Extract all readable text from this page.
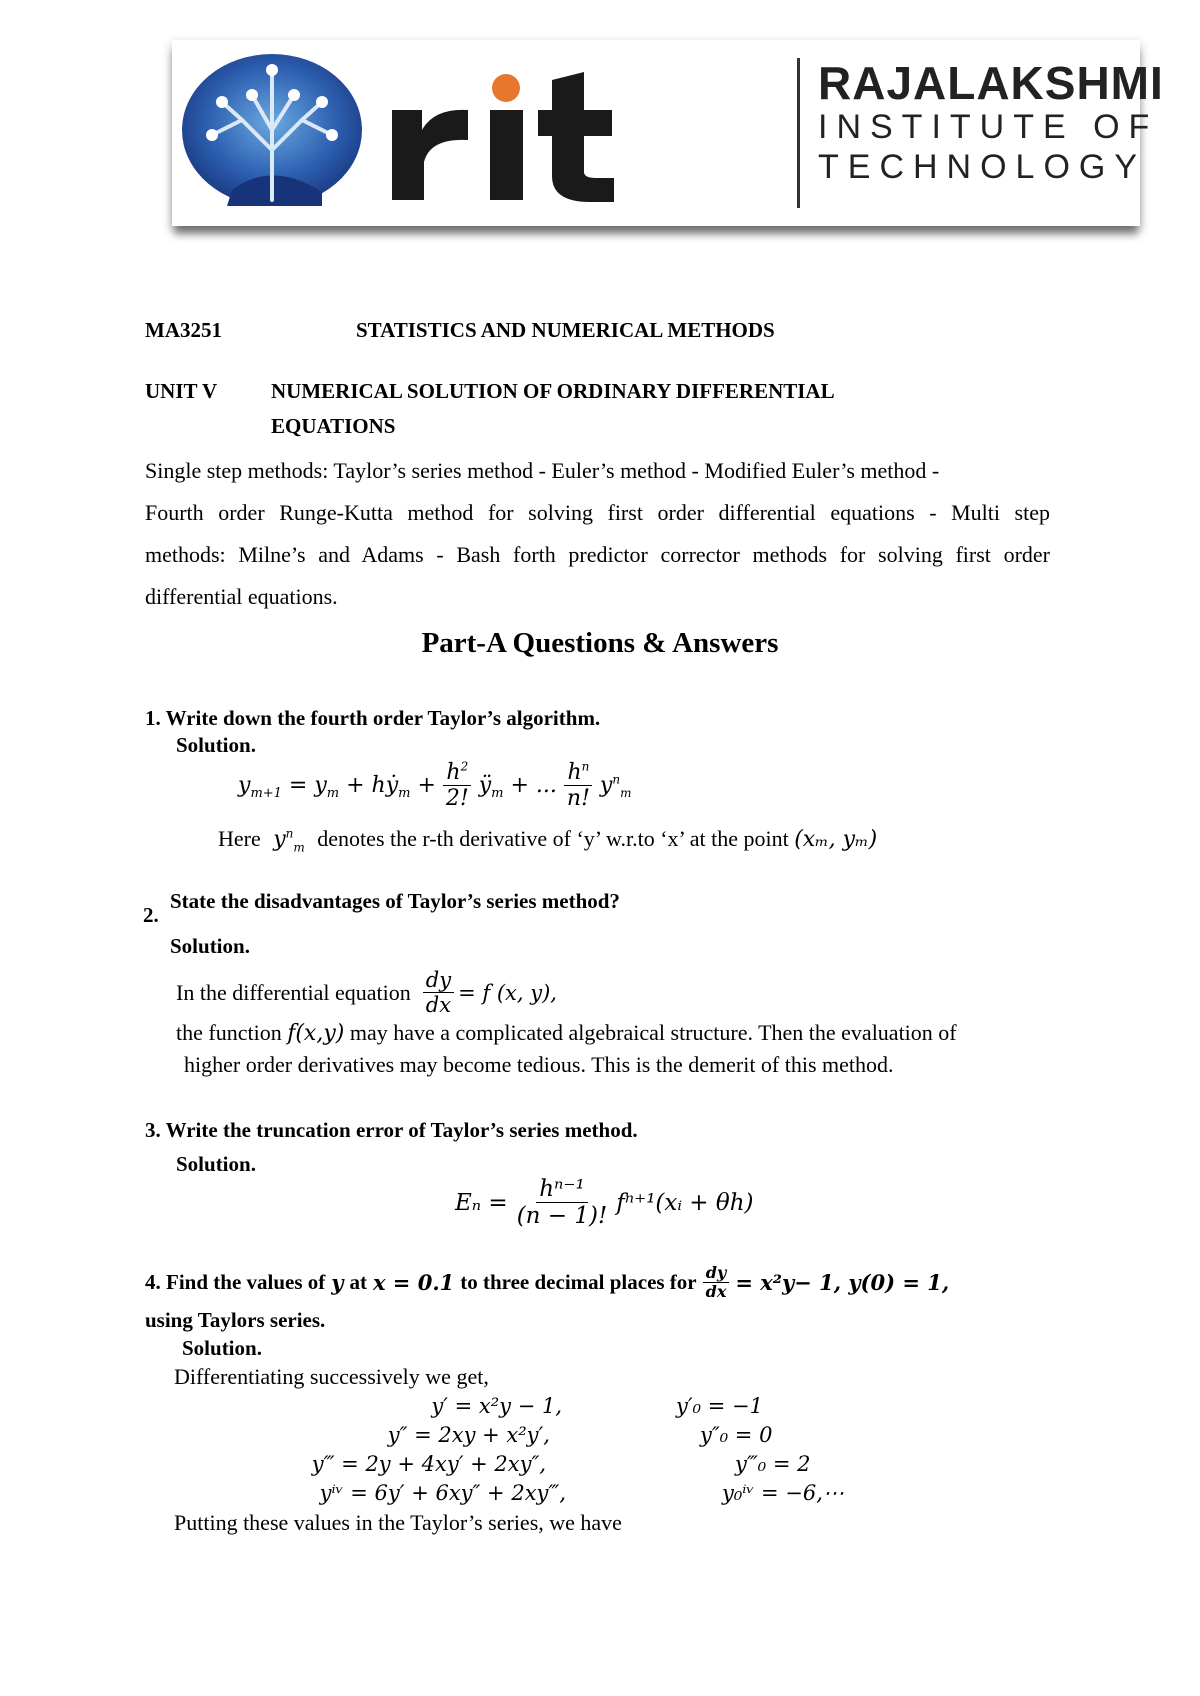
RAJALAKSHMI
INSTITUTE OF
TECHNOLOGY
MA3251	STATISTICS AND NUMERICAL METHODS
UNIT V	NUMERICAL SOLUTION OF ORDINARY DIFFERENTIAL
EQUATIONS
Single step methods: Taylor’s series method - Euler’s method - Modified Euler’s method -
Fourth order Runge-Kutta method for solving first order differential equations - Multi step
methods: Milne’s and Adams - Bash forth predictor corrector methods for solving first order
differential equations.
Part-A Questions & Answers
1. Write down the fourth order Taylor’s algorithm.
Solution.
$y_{m+1} = y_m$ + $hẏ_m + \frac{h^2}{2!}$ $ÿ_m$ + ... $\frac{h^n}{n!} y^n_m$
Here  $y^n_m$ denotes the r-th derivative of ‘y’ w.r.to ‘x’ at the point (xₘ, yₘ)
2.
State the disadvantages of Taylor’s series method?
Solution.
In the differential equation $\frac{dy}{dx} = f$ (x, y),
the function f(x,y) may have a complicated algebraical structure. Then the evaluation of
higher order derivatives may become tedious. This is the demerit of this method.
3. Write the truncation error of Taylor’s series method.
Solution.
$E_n = \frac{\text{hⁿ⁻¹}}{(n - 1)!}$ fⁿ⁺¹(xᵢ + θh)
4. Find the values of y at x = 0.1 to three decimal places for $\frac{dy}{dx} = x^2y- 1$, y(0) = 1,
using Taylors series.
Solution.
Differentiating successively we get,
y′ = x²y − 1,	y′₀ = −1
y″ = 2xy + x²y′,	y″₀ = 0
y‴ = 2y + 4xy′ + 2xy″,	y‴₀ = 2
yⁱᵛ = 6y′ + 6xy″ + 2xy‴,	y₀ⁱᵛ = −6,⋯
Putting these values in the Taylor’s series, we have
